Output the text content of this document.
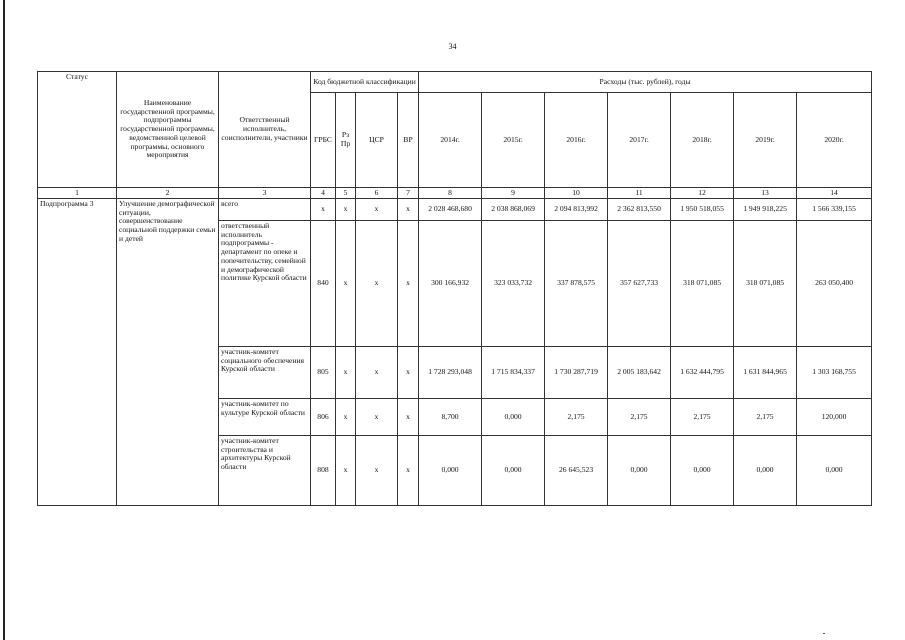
34
Статус	Наименование государственной программы, подпрограммы государственной программы, ведомственной целевой программы, основного мероприятия	Ответственный исполнитель, соисполнители, участники	Код бюджетной классификации				Расходы (тыс. рублей), годы						
			ГРБС	Рз Пр	ЦСР	ВР	2014г.	2015г.	2016г.	2017г.	2018г.	2019г.	2020г.
1	2	3	4	5	6	7	8	9	10	11	12	13	14
Подпрограмма 3	Улучшение демографической ситуации, совершенствование социальной поддержки семьи и детей	всего	х	х	х	х	2 028 468,680	2 038 868,069	2 094 813,992	2 362 813,550	1 950 518,055	1 949 918,225	1 566 339,155
		ответственный исполнитель подпрограммы - департамент по опеке и попечительству, семейной и демографической политике Курской области	840	х	х	х	300 166,932	323 033,732	337 878,575	357 627,733	318 071,085	318 071,085	263 050,400
		участник-комитет социального обеспечения Курской области	805	х	х	х	1 728 293,048	1 715 834,337	1 730 287,719	2 005 183,642	1 632 444,795	1 631 844,965	1 303 168,755
		участник-комитет по культуре Курской области	806	х	х	х	8,700	0,000	2,175	2,175	2,175	2,175	120,000
		участник-комитет строительства и архитектуры Курской области	808	х	х	х	0,000	0,000	26 645,523	0,000	0,000	0,000	0,000
